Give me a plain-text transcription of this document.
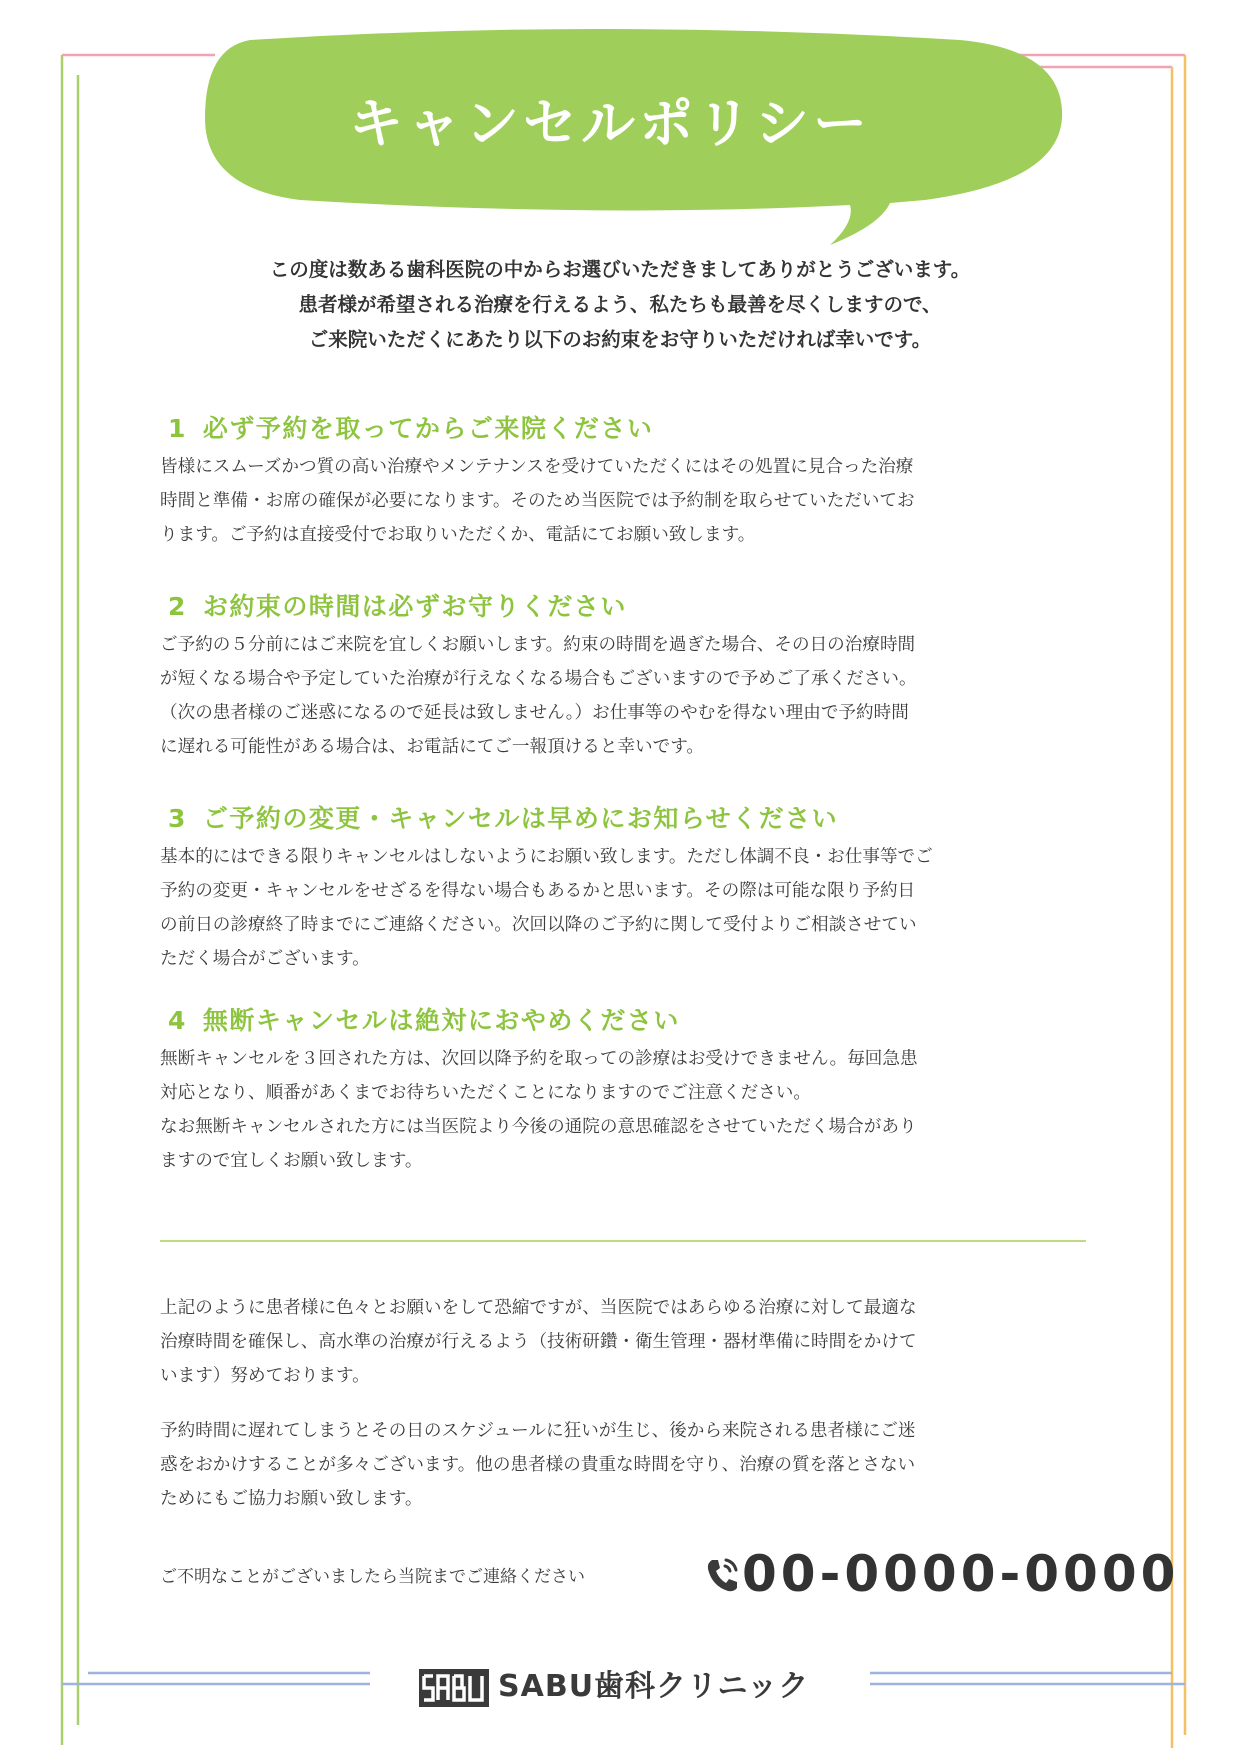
キャンセルポリシー

この度は数ある歯科医院の中からお選びいただきましてありがとうございます。

患者様が希望される治療を行えるよう、私たちも最善を尽くしますので、

ご来院いただくにあたり以下のお約束をお守りいただければ幸いです。

1 必ず予約を取ってからご来院ください

皆様にスムーズかつ質の高い治療やメンテナンスを受けていただくにはその処置に見合った治療

時間と準備・お席の確保が必要になります。そのため当医院では予約制を取らせていただいてお

ります。ご予約は直接受付でお取りいただくか、電話にてお願い致します。

2 お約束の時間は必ずお守りください

ご予約の５分前にはご来院を宜しくお願いします。約束の時間を過ぎた場合、その日の治療時間

が短くなる場合や予定していた治療が行えなくなる場合もございますので予めご了承ください。

（次の患者様のご迷惑になるので延長は致しません。）お仕事等のやむを得ない理由で予約時間

に遅れる可能性がある場合は、お電話にてご一報頂けると幸いです。

3 ご予約の変更・キャンセルは早めにお知らせください

基本的にはできる限りキャンセルはしないようにお願い致します。ただし体調不良・お仕事等でご

予約の変更・キャンセルをせざるを得ない場合もあるかと思います。その際は可能な限り予約日

の前日の診療終了時までにご連絡ください。次回以降のご予約に関して受付よりご相談させてい

ただく場合がございます。

4 無断キャンセルは絶対におやめください

無断キャンセルを３回された方は、次回以降予約を取っての診療はお受けできません。毎回急患

対応となり、順番があくまでお待ちいただくことになりますのでご注意ください。

なお無断キャンセルされた方には当医院より今後の通院の意思確認をさせていただく場合があり

ますので宜しくお願い致します。

上記のように患者様に色々とお願いをして恐縮ですが、当医院ではあらゆる治療に対して最適な

治療時間を確保し、高水準の治療が行えるよう（技術研鑽・衛生管理・器材準備に時間をかけて

います）努めております。

予約時間に遅れてしまうとその日のスケジュールに狂いが生じ、後から来院される患者様にご迷

惑をおかけすることが多々ございます。他の患者様の貴重な時間を守り、治療の質を落とさない

ためにもご協力お願い致します。

ご不明なことがございましたら当院までご連絡ください	00-0000-0000
SABU歯科クリニック
